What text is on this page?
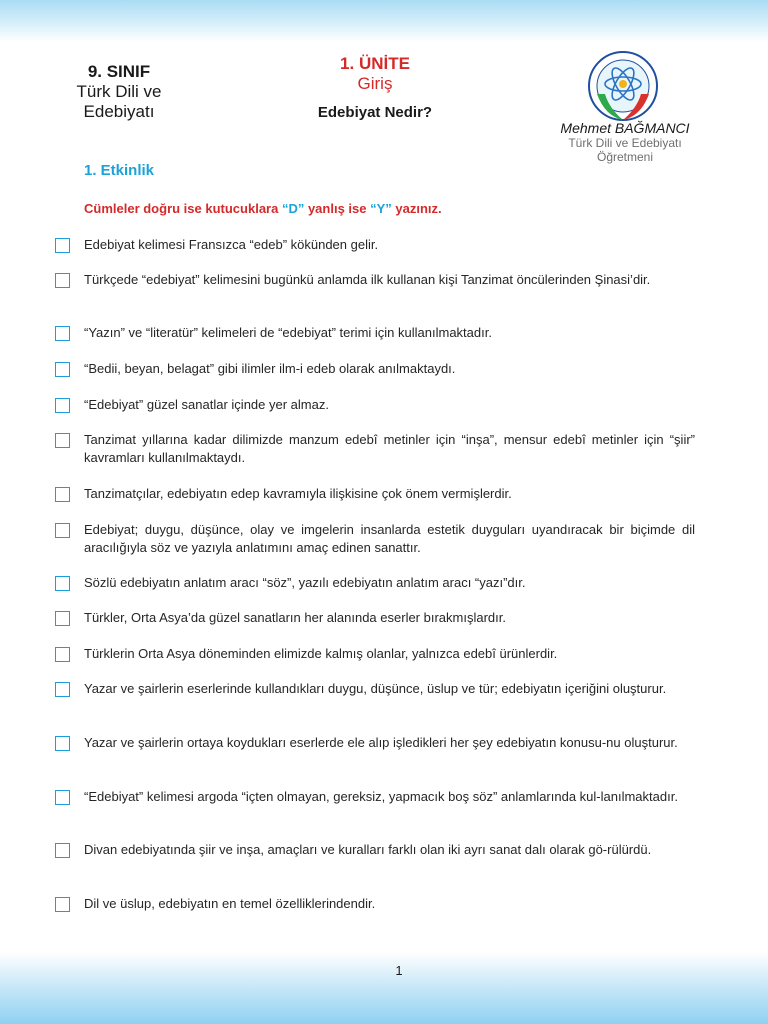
9. SINIF
Türk Dili ve
Edebiyatı
1. ÜNİTE
Giriş
Edebiyat Nedir?
Mehmet BAĞMANCI
Türk Dili ve Edebiyatı
Öğretmeni
1. Etkinlik
Cümleler doğru ise kutucuklara “D” yanlış ise “Y” yazınız.
Edebiyat kelimesi Fransızca “edeb” kökünden gelir.
Türkçede “edebiyat” kelimesini bugünkü anlamda ilk kullanan kişi Tanzimat öncülerinden Şinasi’dir.
“Yazın” ve “literatür” kelimeleri de “edebiyat” terimi için kullanılmaktadır.
“Bedii, beyan, belagat” gibi ilimler ilm-i edeb olarak anılmaktaydı.
“Edebiyat” güzel sanatlar içinde yer almaz.
Tanzimat yıllarına kadar dilimizde manzum edebî metinler için “inşa”, mensur edebî metinler için “şiir” kavramları kullanılmaktaydı.
Tanzimatçılar, edebiyatın edep kavramıyla ilişkisine çok önem vermişlerdir.
Edebiyat; duygu, düşünce, olay ve imgelerin insanlarda estetik duyguları uyandıracak bir biçimde dil aracılığıyla söz ve yazıyla anlatımını amaç edinen sanattır.
Sözlü edebiyatın anlatım aracı “söz”, yazılı edebiyatın anlatım aracı “yazı”dır.
Türkler, Orta Asya’da güzel sanatların her alanında eserler bırakmışlardır.
Türklerin Orta Asya döneminden elimizde kalmış olanlar, yalnızca edebî ürünlerdir.
Yazar ve şairlerin eserlerinde kullandıkları duygu, düşünce, üslup ve tür; edebiyatın içeriğini oluşturur.
Yazar ve şairlerin ortaya koydukları eserlerde ele alıp işledikleri her şey edebiyatın konusu-nu oluşturur.
“Edebiyat” kelimesi argoda “içten olmayan, gereksiz, yapmacık boş söz” anlamlarında kul-lanılmaktadır.
Divan edebiyatında şiir ve inşa, amaçları ve kuralları farklı olan iki ayrı sanat dalı olarak gö-rülürdü.
Dil ve üslup, edebiyatın en temel özelliklerindendir.
1
